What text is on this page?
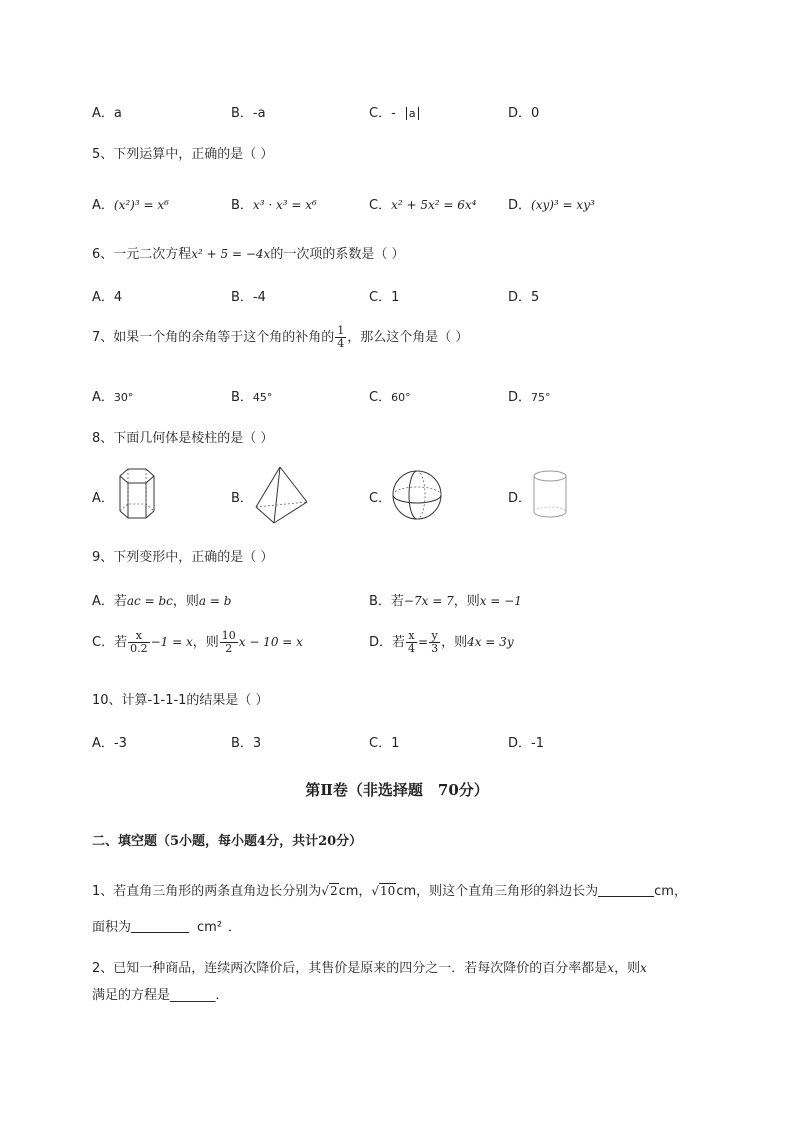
A．a	B．-a	C．- a	D．0
5、下列运算中，正确的是（ ）
A．(x²)³ = x⁶	B．x³ · x³ = x⁶	C．x² + 5x² = 6x⁴ D．(xy)³ = xy³
6、一元二次方程x² + 5 = −4x的一次项的系数是（ ）
A．4	B．-4	C．1	D．5
7、如果一个角的余角等于这个角的补角的 $\frac{1}{4}$ ，那么这个角是（ ）
A．30°	B．45°	C．60°	D．75°
8、下面几何体是棱柱的是（ ）
A．	B．	C．	D．
9、下列变形中，正确的是（ ）
A．若ac = bc，则a = b	B．若−7x = 7，则x = −1
C．若 $\frac{x}{0.2} -1 = x$，则 $\frac{10}{2}$ x − 10 = x	D．若 $\frac{x}{4} = \frac{y}{3}$ ，则4x = 3y
10、计算-1-1-1的结果是（ ）
A．-3	B．3	C．1	D．-1
第Ⅱ卷（非选择题　70分）
二、填空题（5小题，每小题4分，共计20分）
1、若直角三角形的两条直角边长分别为√2cm，√10cm，则这个直角三角形的斜边长为	cm，
面积为	cm² ．
2、已知一种商品，连续两次降价后，其售价是原来的四分之一．若每次降价的百分率都是x，则x
满足的方程是_______．
